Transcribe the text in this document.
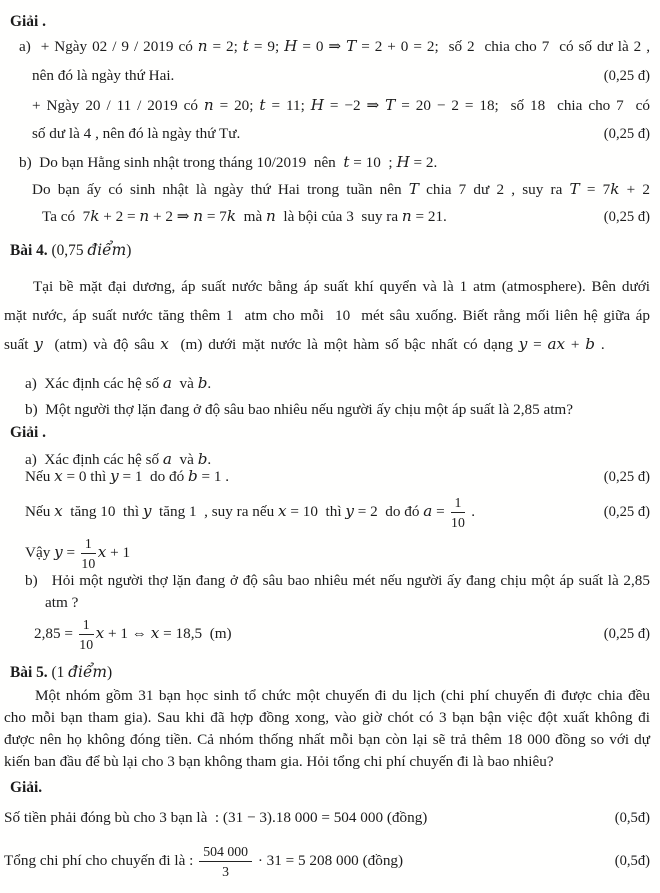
Giải .
a)  + Ngày 02 / 9 / 2019 có n = 2; t = 9; H = 0 ⇒ T = 2 + 0 = 2;  số 2  chia cho 7  có số dư là 2 ,
nên đó là ngày thứ Hai.	(0,25 đ)
+ Ngày 20 / 11 / 2019 có n = 20; t = 11; H = −2 ⇒ T = 20 − 2 = 18;  số 18  chia cho 7  có
số dư là 4 , nên đó là ngày thứ Tư.	(0,25 đ)
b)  Do bạn Hằng sinh nhật trong tháng 10/2019  nên  t = 10  ; H = 2.
Do bạn ấy có sinh nhật là ngày thứ Hai trong tuần nên T chia 7 dư 2 , suy ra T = 7k + 2
Ta có  7k + 2 = n + 2 ⇒ n = 7k  mà n  là bội của 3  suy ra n = 21.	(0,25 đ)
Bài 4. (0,75 điểm)
Tại bề mặt đại dương, áp suất nước bằng áp suất khí quyển và là 1 atm (atmosphere). Bên dưới
mặt nước, áp suất nước tăng thêm 1  atm cho mỗi  10  mét sâu xuống. Biết rằng mối liên hệ giữa áp
suất y  (atm) và độ sâu x  (m) dưới mặt nước là một hàm số bậc nhất có dạng y = ax + b .
a)  Xác định các hệ số a  và b.
b)  Một người thợ lặn đang ở độ sâu bao nhiêu nếu người ấy chịu một áp suất là 2,85 atm?
Giải .
a)  Xác định các hệ số a  và b.
Nếu x = 0 thì y = 1  do đó b = 1 .	(0,25 đ)
Nếu x  tăng 10  thì y  tăng 1  , suy ra nếu x = 10  thì y = 2  do đó $a = \frac{1}{10}$ .	(0,25 đ)
Vậy $y = \frac{1}{10}$ x + 1
b)   Hỏi một người thợ lặn đang ở độ sâu bao nhiêu mét nếu người ấy đang chịu một áp suất là 2,85
atm ?
$2,85 = \frac{1}{10}$ x + 1 ⇔ x = 18,5  (m)	(0,25 đ)
Bài 5. (1 điểm)
Một nhóm gồm 31 bạn học sinh tổ chức một chuyến đi du lịch (chi phí chuyến đi được chia đều
cho mỗi bạn tham gia). Sau khi đã hợp đồng xong, vào giờ chót có 3 bạn bận việc đột xuất không đi
được nên họ không đóng tiền. Cả nhóm thống nhất mỗi bạn còn lại sẽ trả thêm 18 000 đồng so với dự
kiến ban đầu để bù lại cho 3 bạn không tham gia. Hỏi tổng chi phí chuyến đi là bao nhiêu?
Giải.
Số tiền phải đóng bù cho 3 bạn là  : (31 − 3).18 000 = 504 000 (đồng)	(0,5đ)
Tổng chi phí cho chuyến đi là : $\frac{504 000}{3} \cdot 31 = 5$ 208 000 (đồng)	(0,5đ)
